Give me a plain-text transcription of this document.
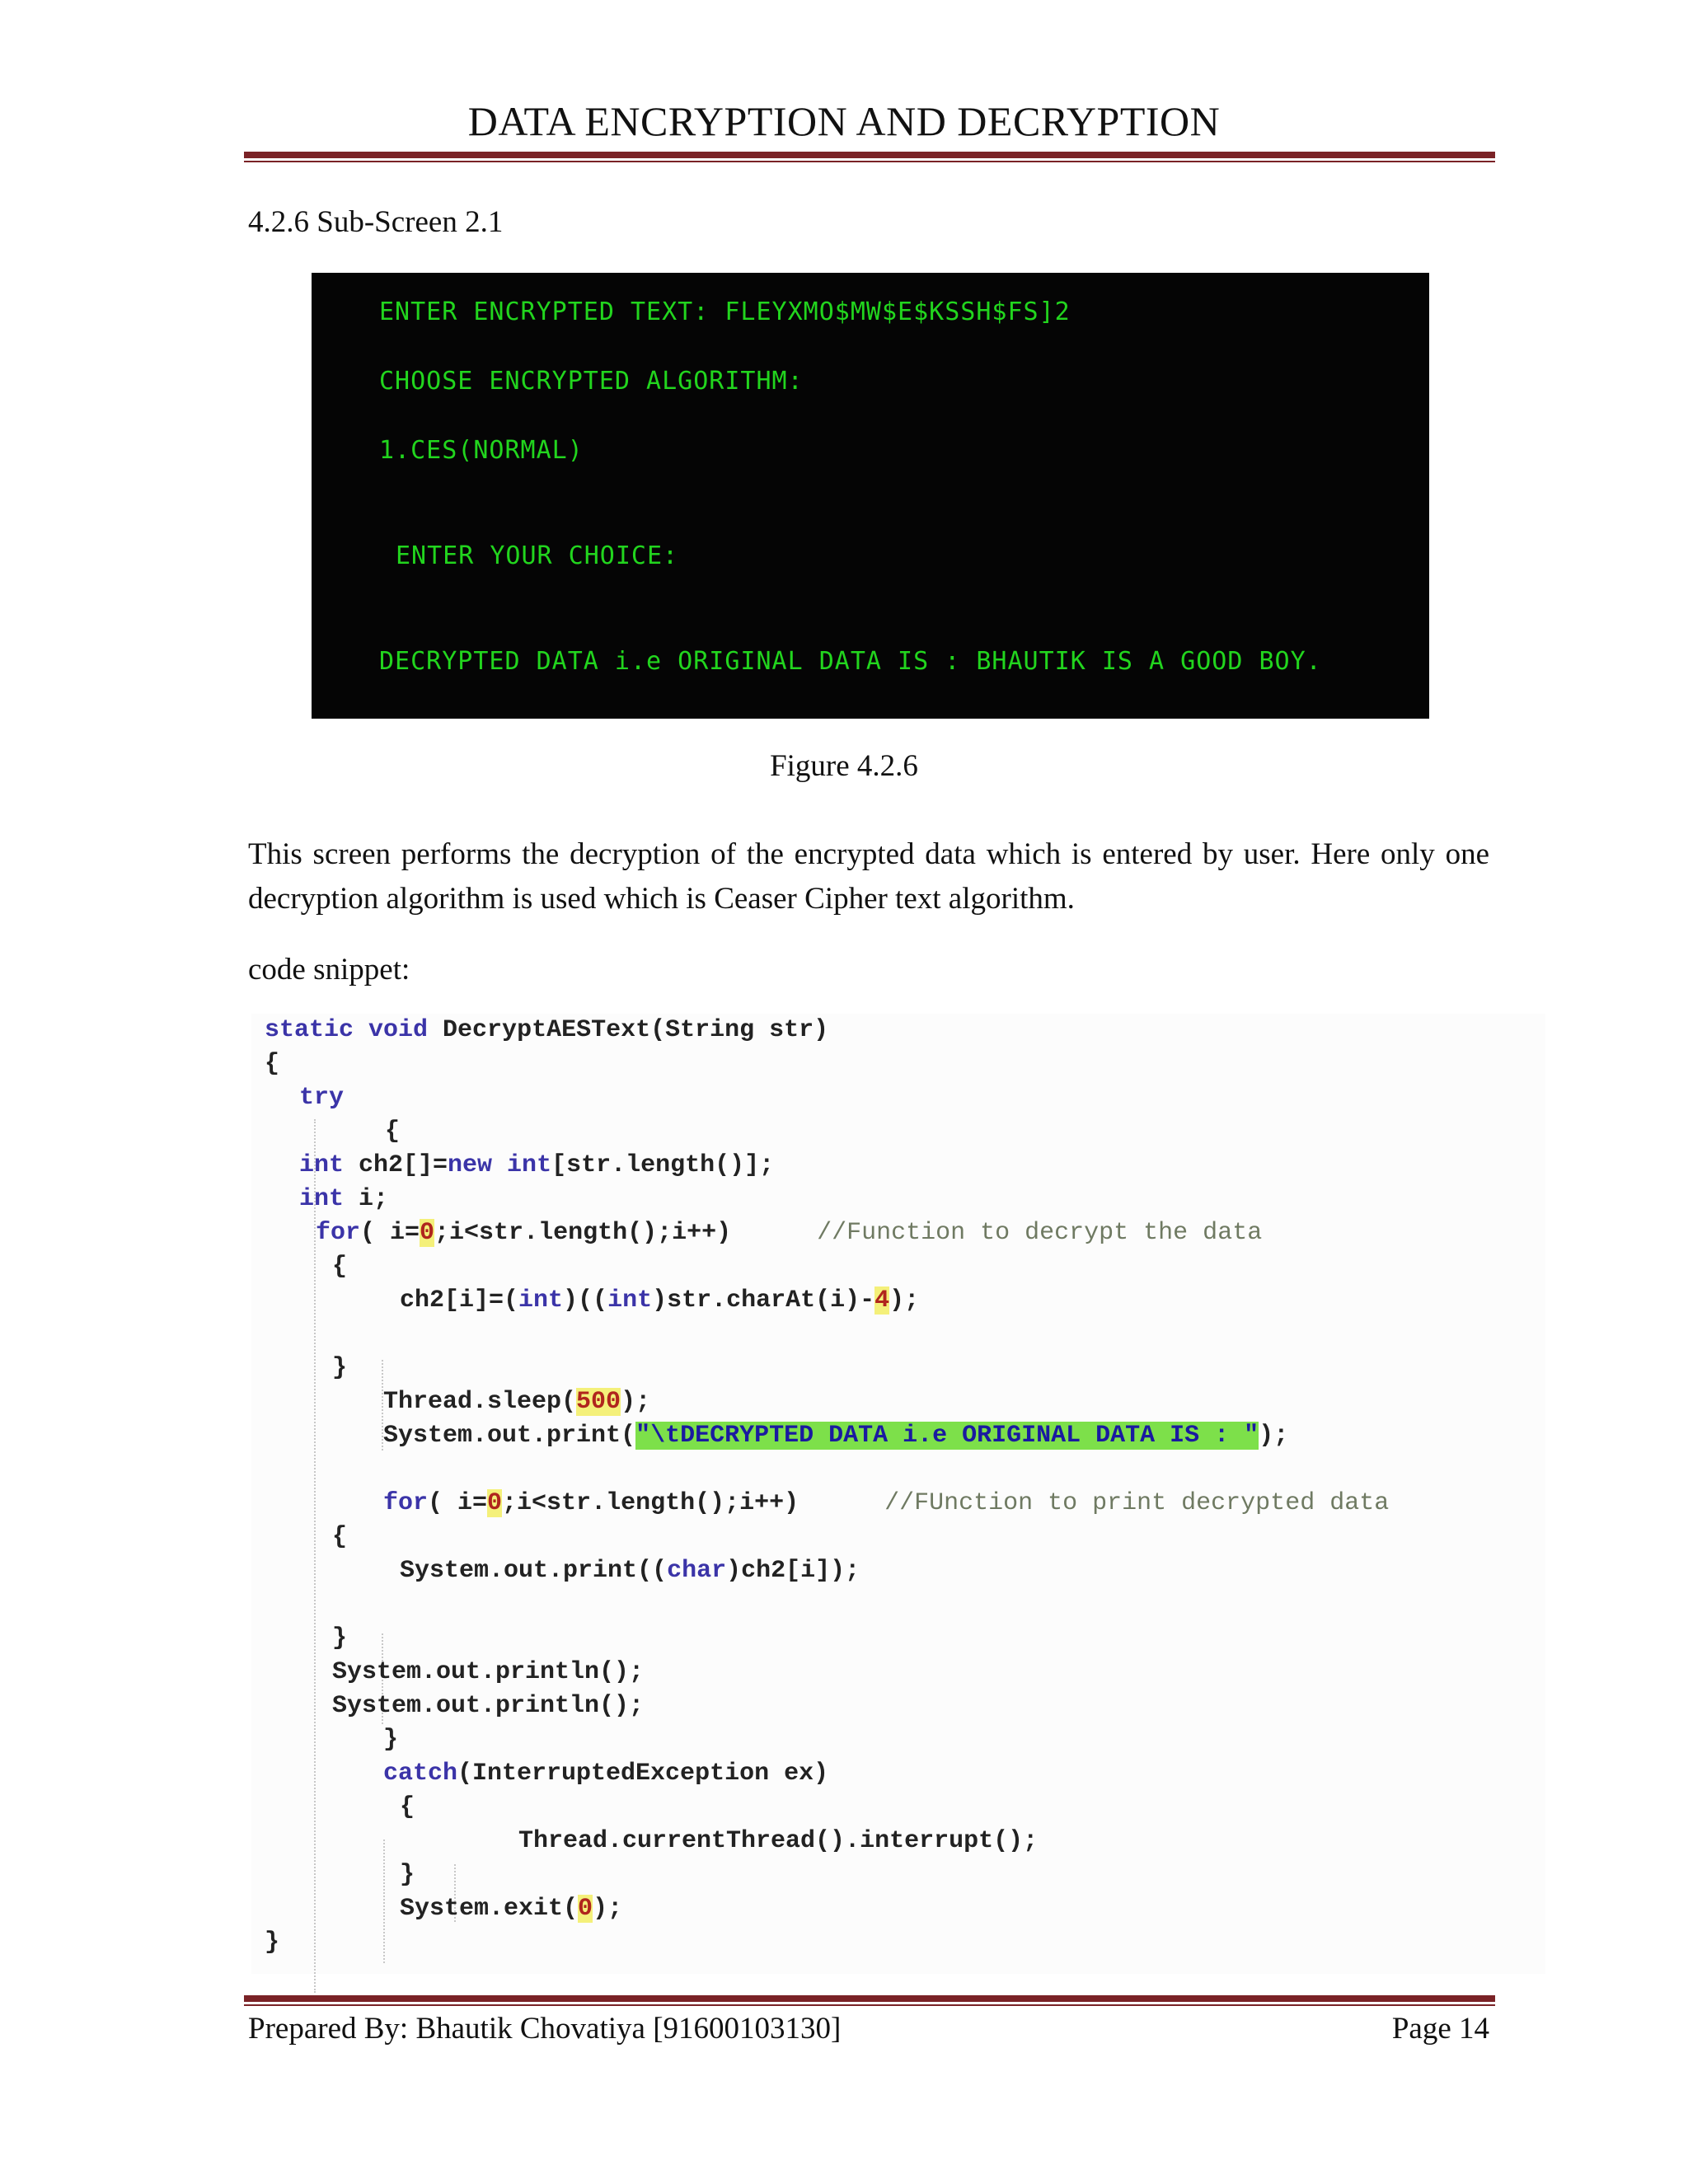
DATA ENCRYPTION AND DECRYPTION
4.2.6 Sub-Screen 2.1
ENTER ENCRYPTED TEXT: FLEYXMO$MW$E$KSSH$FS]2
CHOOSE ENCRYPTED ALGORITHM:
1.CES(NORMAL)
ENTER YOUR CHOICE:
DECRYPTED DATA i.e ORIGINAL DATA IS : BHAUTIK IS A GOOD BOY.
Figure 4.2.6
This screen performs the decryption of the encrypted data which is entered by user. Here only one decryption algorithm is used which is Ceaser Cipher text algorithm.
code snippet:
static void DecryptAESText(String str)
{
try
{
int ch2[]=new int[str.length()];
int i;
for( i=0;i<str.length();i++)	//Function to decrypt the data
{
ch2[i]=(int)((int)str.charAt(i)-4);
}
Thread.sleep(500);
System.out.print("\tDECRYPTED DATA i.e ORIGINAL DATA IS : ");
for( i=0;i<str.length();i++)	//FUnction to print decrypted data
{
System.out.print((char)ch2[i]);
}
System.out.println();
System.out.println();
}
catch(InterruptedException ex)
{
Thread.currentThread().interrupt();
}
System.exit(0);
}
Prepared By: Bhautik Chovatiya [91600103130]	Page 14
